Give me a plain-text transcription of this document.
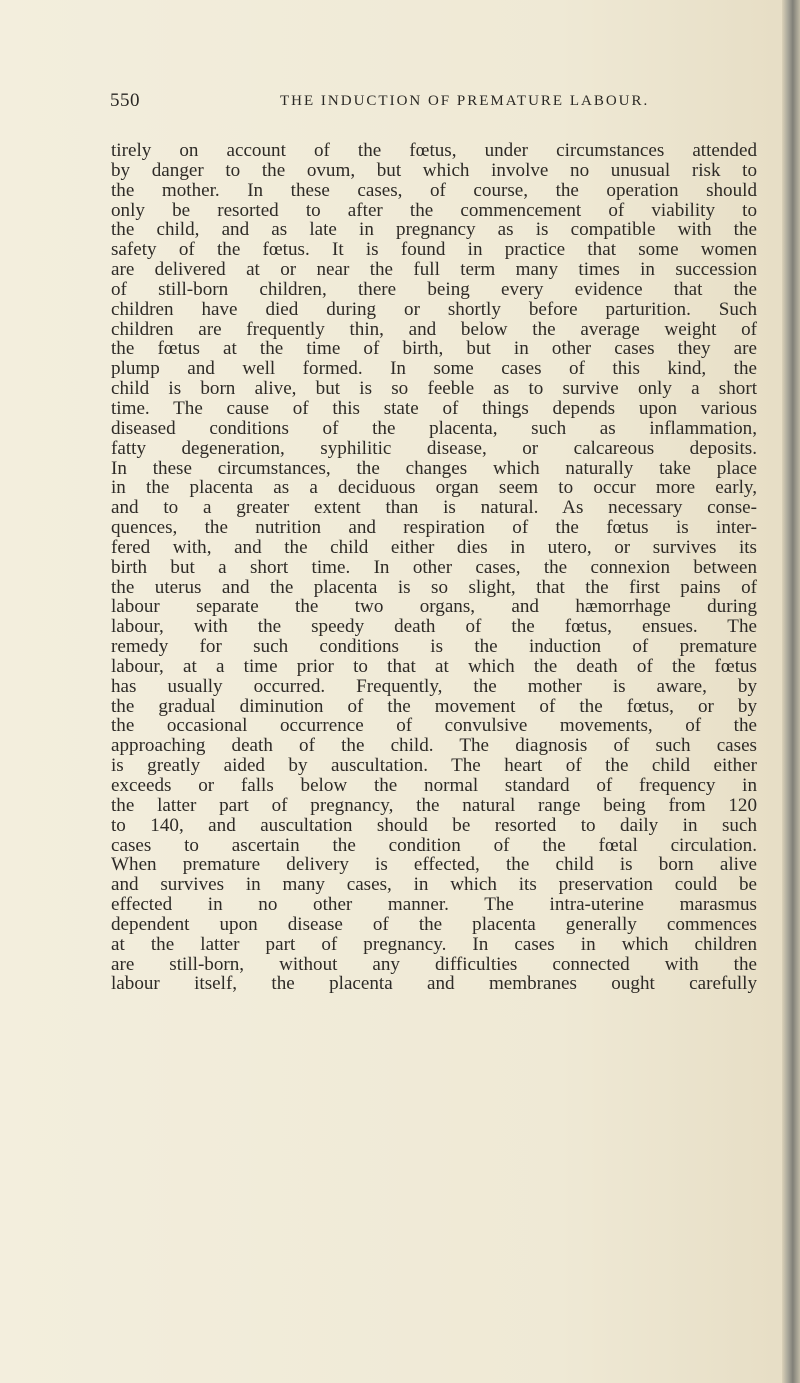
550	THE INDUCTION OF PREMATURE LABOUR.
tirely on account of the fœtus, under circumstances attended
by danger to the ovum, but which involve no unusual risk to
the mother. In these cases, of course, the operation should
only be resorted to after the commencement of viability to
the child, and as late in pregnancy as is compatible with the
safety of the fœtus. It is found in practice that some women
are delivered at or near the full term many times in succession
of still-born children, there being every evidence that the
children have died during or shortly before parturition. Such
children are frequently thin, and below the average weight of
the fœtus at the time of birth, but in other cases they are
plump and well formed. In some cases of this kind, the
child is born alive, but is so feeble as to survive only a short
time. The cause of this state of things depends upon various
diseased conditions of the placenta, such as inflammation,
fatty degeneration, syphilitic disease, or calcareous deposits.
In these circumstances, the changes which naturally take place
in the placenta as a deciduous organ seem to occur more early,
and to a greater extent than is natural. As necessary conse-
quences, the nutrition and respiration of the fœtus is inter-
fered with, and the child either dies in utero, or survives its
birth but a short time. In other cases, the connexion between
the uterus and the placenta is so slight, that the first pains of
labour separate the two organs, and hæmorrhage during
labour, with the speedy death of the fœtus, ensues. The
remedy for such conditions is the induction of premature
labour, at a time prior to that at which the death of the fœtus
has usually occurred. Frequently, the mother is aware, by
the gradual diminution of the movement of the fœtus, or by
the occasional occurrence of convulsive movements, of the
approaching death of the child. The diagnosis of such cases
is greatly aided by auscultation. The heart of the child either
exceeds or falls below the normal standard of frequency in
the latter part of pregnancy, the natural range being from 120
to 140, and auscultation should be resorted to daily in such
cases to ascertain the condition of the fœtal circulation.
When premature delivery is effected, the child is born alive
and survives in many cases, in which its preservation could be
effected in no other manner. The intra-uterine marasmus
dependent upon disease of the placenta generally commences
at the latter part of pregnancy. In cases in which children
are still-born, without any difficulties connected with the
labour itself, the placenta and membranes ought carefully
